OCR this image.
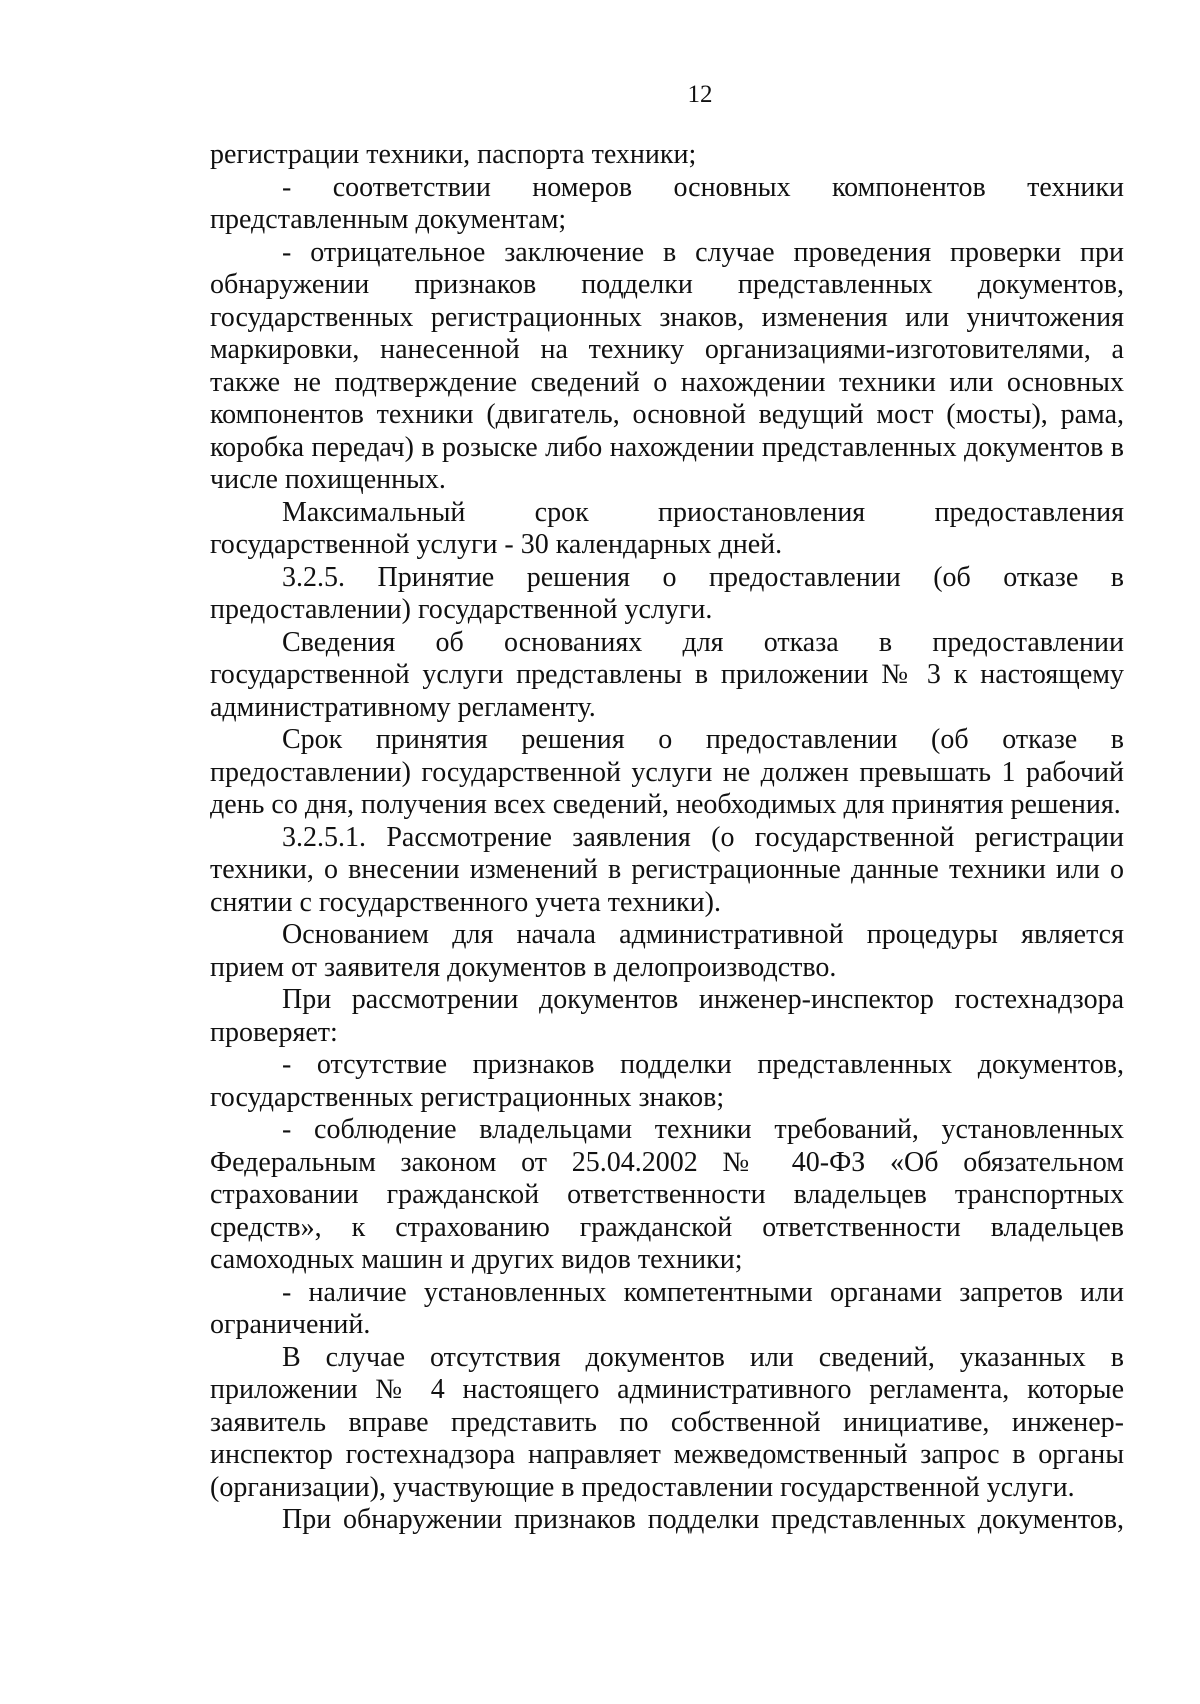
12

регистрации техники, паспорта техники;

- соответствии номеров основных компонентов техники представленным документам;

- отрицательное заключение в случае проведения проверки при обнаружении признаков подделки представленных документов, государственных регистрационных знаков, изменения или уничтожения маркировки, нанесенной на технику организациями-изготовителями, а также не подтверждение сведений о нахождении техники или основных компонентов техники (двигатель, основной ведущий мост (мосты), рама, коробка передач) в розыске либо нахождении представленных документов в числе похищенных.

Максимальный срок приостановления предоставления государственной услуги - 30 календарных дней.

3.2.5. Принятие решения о предоставлении (об отказе в предоставлении) государственной услуги.

Сведения об основаниях для отказа в предоставлении государственной услуги представлены в приложении № 3 к настоящему административному регламенту.

Срок принятия решения о предоставлении (об отказе в предоставлении) государственной услуги не должен превышать 1 рабочий день со дня, получения всех сведений, необходимых для принятия решения.

3.2.5.1. Рассмотрение заявления (о государственной регистрации техники, о внесении изменений в регистрационные данные техники или о снятии с государственного учета техники).

Основанием для начала административной процедуры является прием от заявителя документов в делопроизводство.

При рассмотрении документов инженер-инспектор гостехнадзора проверяет:

- отсутствие признаков подделки представленных документов, государственных регистрационных знаков;

- соблюдение владельцами техники требований, установленных Федеральным законом от 25.04.2002 № 40-ФЗ «Об обязательном страховании гражданской ответственности владельцев транспортных средств», к страхованию гражданской ответственности владельцев самоходных машин и других видов техники;

- наличие установленных компетентными органами запретов или ограничений.

В случае отсутствия документов или сведений, указанных в приложении № 4 настоящего административного регламента, которые заявитель вправе представить по собственной инициативе, инженер-инспектор гостехнадзора направляет межведомственный запрос в органы (организации), участвующие в предоставлении государственной услуги.

При обнаружении признаков подделки представленных документов,
